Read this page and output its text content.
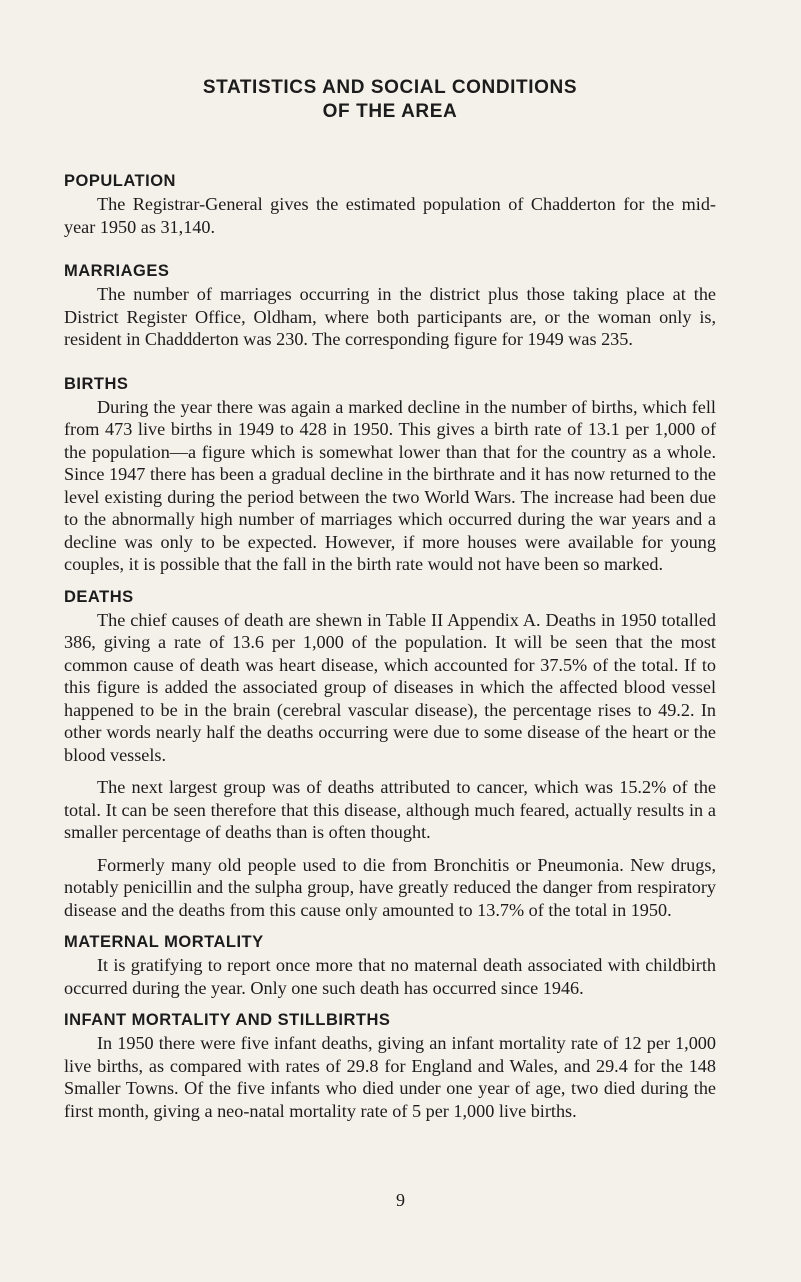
STATISTICS AND SOCIAL CONDITIONS
OF THE AREA
POPULATION

The Registrar-General gives the estimated population of Chadderton for the mid-year 1950 as 31,140.

MARRIAGES

The number of marriages occurring in the district plus those taking place at the District Register Office, Oldham, where both participants are, or the woman only is, resident in Chaddderton was 230. The corresponding figure for 1949 was 235.

BIRTHS

During the year there was again a marked decline in the number of births, which fell from 473 live births in 1949 to 428 in 1950. This gives a birth rate of 13.1 per 1,000 of the population—a figure which is somewhat lower than that for the country as a whole. Since 1947 there has been a gradual decline in the birthrate and it has now returned to the level existing during the period between the two World Wars. The increase had been due to the abnormally high number of marriages which occurred during the war years and a decline was only to be expected. However, if more houses were available for young couples, it is possible that the fall in the birth rate would not have been so marked.

DEATHS

The chief causes of death are shewn in Table II Appendix A. Deaths in 1950 totalled 386, giving a rate of 13.6 per 1,000 of the population. It will be seen that the most common cause of death was heart disease, which accounted for 37.5% of the total. If to this figure is added the associated group of diseases in which the affected blood vessel happened to be in the brain (cerebral vascular disease), the percentage rises to 49.2. In other words nearly half the deaths occurring were due to some disease of the heart or the blood vessels.

The next largest group was of deaths attributed to cancer, which was 15.2% of the total. It can be seen therefore that this disease, although much feared, actually results in a smaller percentage of deaths than is often thought.

Formerly many old people used to die from Bronchitis or Pneumonia. New drugs, notably penicillin and the sulpha group, have greatly reduced the danger from respiratory disease and the deaths from this cause only amounted to 13.7% of the total in 1950.

MATERNAL MORTALITY

It is gratifying to report once more that no maternal death associated with childbirth occurred during the year. Only one such death has occurred since 1946.

INFANT MORTALITY AND STILLBIRTHS

In 1950 there were five infant deaths, giving an infant mortality rate of 12 per 1,000 live births, as compared with rates of 29.8 for England and Wales, and 29.4 for the 148 Smaller Towns. Of the five infants who died under one year of age, two died during the first month, giving a neo-natal mortality rate of 5 per 1,000 live births.

9
